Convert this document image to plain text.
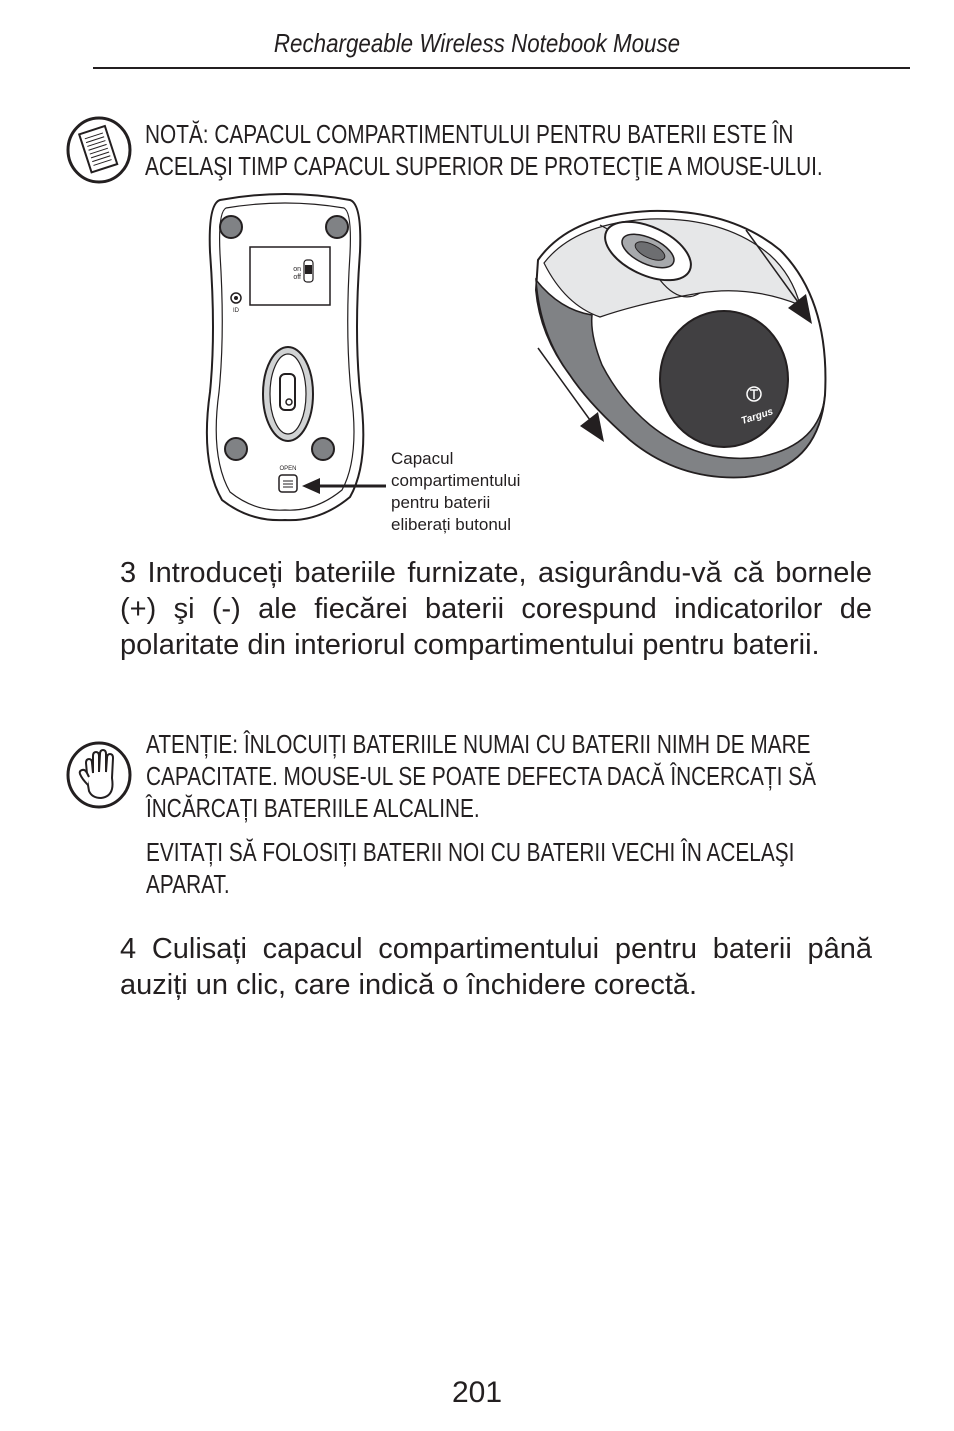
Rechargeable Wireless Notebook Mouse
NOTĂ: CAPACUL COMPARTIMENTULUI PENTRU BATERII ESTE ÎN
ACELAŞI TIMP CAPACUL SUPERIOR DE PROTECŢIE A MOUSE-ULUI.
on
off
ID
OPEN
Capacul
compartimentului
pentru baterii
eliberați butonul
Targus
3 Introduceți bateriile furnizate, asigurându-vă că bornele (+) şi (-) ale fiecărei baterii corespund indicatorilor de polaritate din interiorul compartimentului pentru baterii.
ATENȚIE: ÎNLOCUIȚI BATERIILE NUMAI CU BATERII NIMH DE MARE
CAPACITATE. MOUSE-UL SE POATE DEFECTA DACĂ ÎNCERCAȚI SĂ
ÎNCĂRCAȚI BATERIILE ALCALINE.
EVITAȚI SĂ FOLOSIȚI BATERII NOI CU BATERII VECHI ÎN ACELAŞI
APARAT.
4 Culisați capacul compartimentului pentru baterii până auziți un clic, care indică o închidere corectă.
201
